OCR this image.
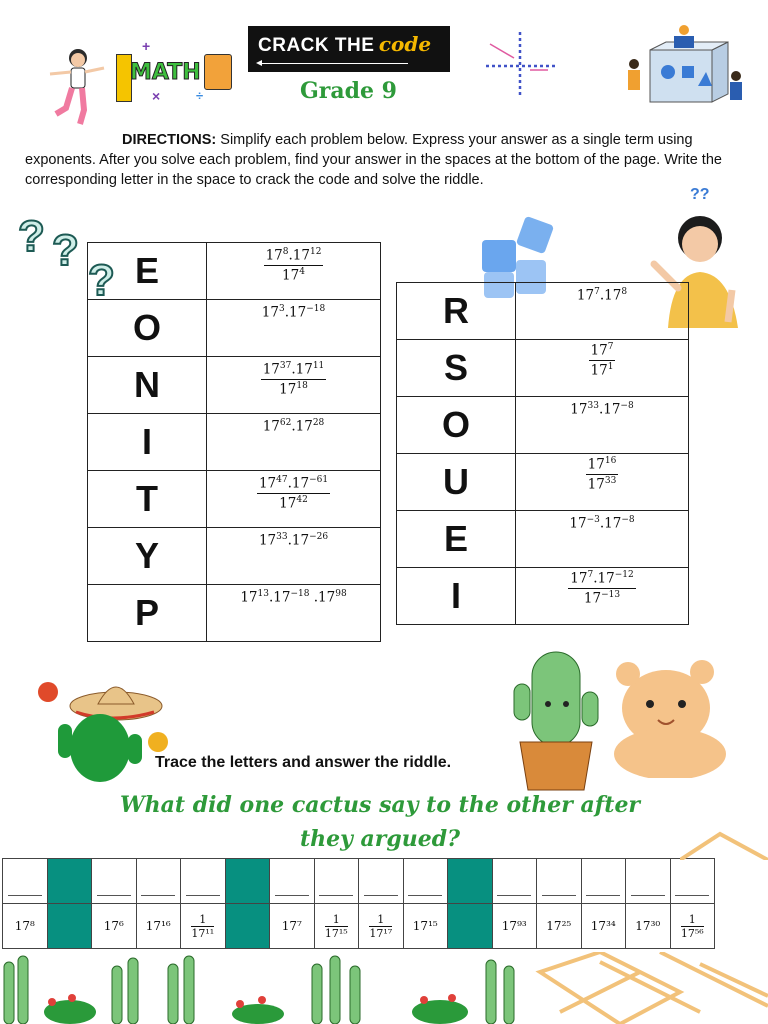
MATH
+
×	÷
CRACK THE code
Grade 9
DIRECTIONS: Simplify each problem below. Express your answer as a single term using exponents. After you solve each problem, find your answer in the spaces at the bottom of the page. Write the corresponding letter in the space to crack the code and solve the riddle.
? ?
?
??
E	$\frac{17^8.17^{12}}{17^4}$

O	$17^3.17^{-18}$

N	$\frac{17^{37}.17^{11}}{17^{18}}$

I	$17^{62}.17^{28}$

T	$\frac{17^{47}.17^{-61}}{17^{42}}$

Y	$17^{33}.17^{-26}$

P	$17^{13}.17^{-18}$ $.17^{98}$
R	$17^7.17^8$

S	$\frac{17^7}{17^1}$

O	$17^{33}.17^{-8}$

U	$\frac{17^{16}}{17^{33}}$

E	$17^{-3}.17^{-8}$

I	$\frac{17^7.17^{-12}}{17^{-13}}$
Trace the letters and answer the riddle.
What did one cactus say to the other after they argued?

17⁸		17⁶	17¹⁶	$\frac{1}{\text{17¹¹}}$		17⁷	$\frac{1}{\text{17¹⁵}}$	$\frac{1}{\text{17¹⁷}}$	17¹⁵		17⁹³	17²⁵	17³⁴	17³⁰	$\frac{1}{\text{17⁵⁶}}$
